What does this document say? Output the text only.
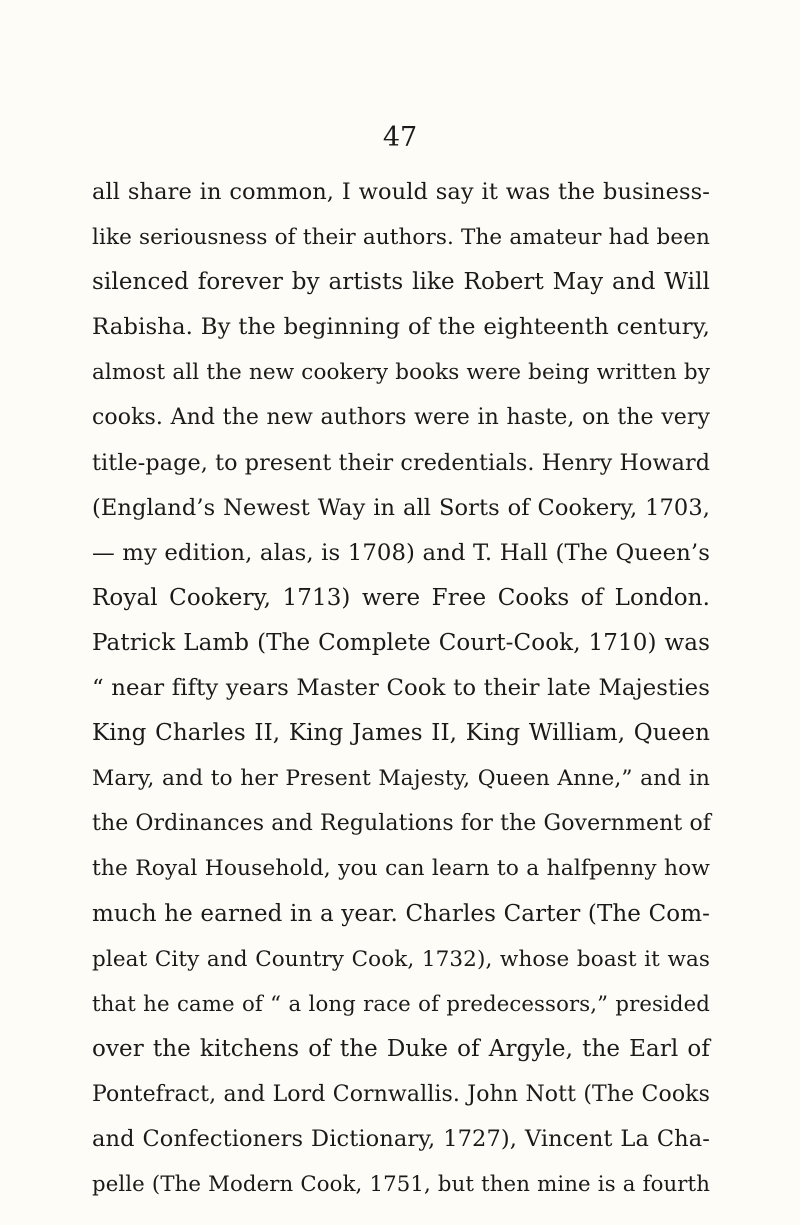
47
all share in common, I would say it was the business-
like seriousness of their authors. The amateur had been
silenced forever by artists like Robert May and Will
Rabisha. By the beginning of the eighteenth century,
almost all the new cookery books were being written by
cooks. And the new authors were in haste, on the very
title-page, to present their credentials. Henry Howard
(England’s Newest Way in all Sorts of Cookery, 1703,
— my edition, alas, is 1708) and T. Hall (The Queen’s
Royal Cookery, 1713) were Free Cooks of London.
Patrick Lamb (The Complete Court-Cook, 1710) was
“ near fifty years Master Cook to their late Majesties
King Charles II, King James II, King William, Queen
Mary, and to her Present Majesty, Queen Anne,” and in
the Ordinances and Regulations for the Government of
the Royal Household, you can learn to a halfpenny how
much he earned in a year. Charles Carter (The Com-
pleat City and Country Cook, 1732), whose boast it was
that he came of “ a long race of predecessors,” presided
over the kitchens of the Duke of Argyle, the Earl of
Pontefract, and Lord Cornwallis. John Nott (The Cooks
and Confectioners Dictionary, 1727), Vincent La Cha-
pelle (The Modern Cook, 1751, but then mine is a fourth
